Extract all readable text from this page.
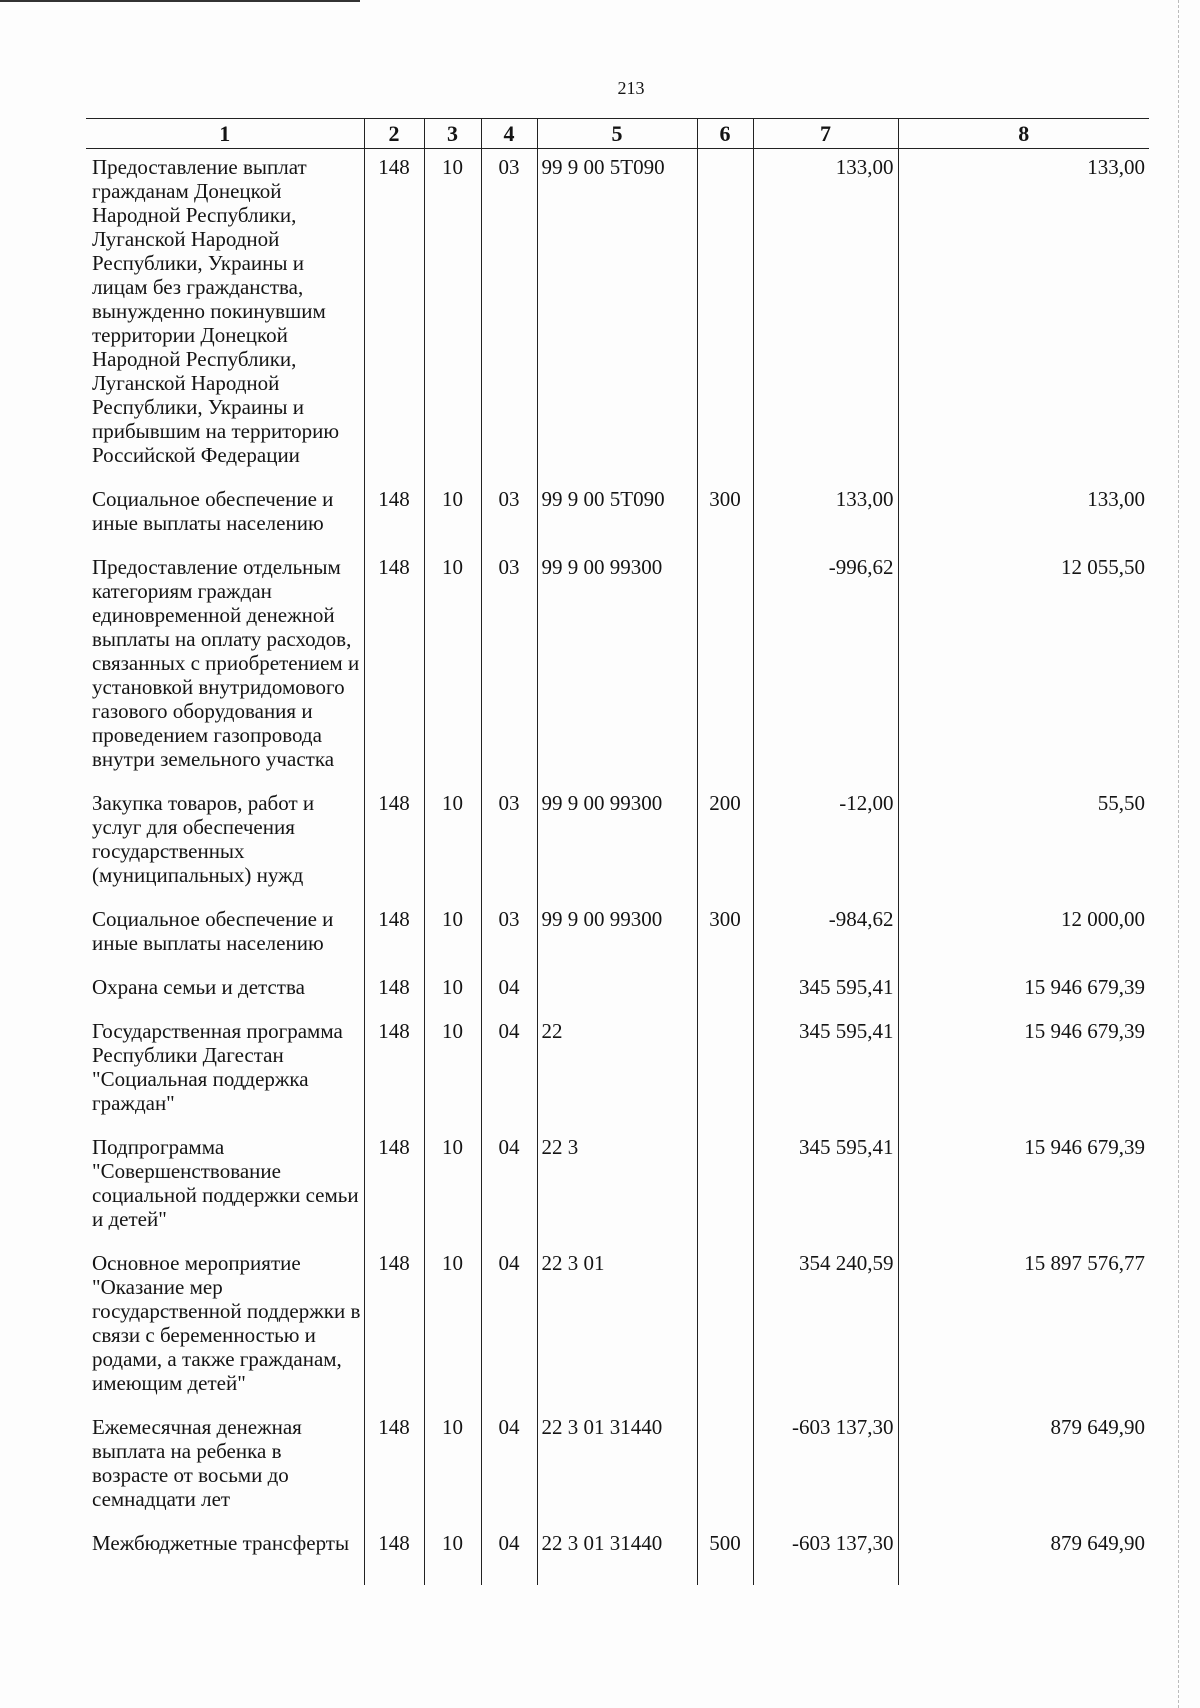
213
1	2	3	4	5	6	7	8
Предоставление выплат гражданам Донецкой Народной Республики, Луганской Народной Республики, Украины и лицам без гражданства, вынужденно покинувшим территории Донецкой Народной Республики, Луганской Народной Республики, Украины и прибывшим на территорию Российской Федерации	148	10	03	99 9 00 5Т090		133,00	133,00
Социальное обеспечение и иные выплаты населению	148	10	03	99 9 00 5Т090	300	133,00	133,00
Предоставление отдельным категориям граждан единовременной денежной выплаты на оплату расходов, связанных с приобретением и установкой внутридомового газового оборудования и проведением газопровода внутри земельного участка	148	10	03	99 9 00 99300		-996,62	12 055,50
Закупка товаров, работ и услуг для обеспечения государственных (муниципальных) нужд	148	10	03	99 9 00 99300	200	-12,00	55,50
Социальное обеспечение и иные выплаты населению	148	10	03	99 9 00 99300	300	-984,62	12 000,00
Охрана семьи и детства	148	10	04			345 595,41	15 946 679,39
Государственная программа Республики Дагестан "Социальная поддержка граждан"	148	10	04	22		345 595,41	15 946 679,39
Подпрограмма "Совершенствование социальной поддержки семьи и детей"	148	10	04	22 3		345 595,41	15 946 679,39
Основное мероприятие "Оказание мер государственной поддержки в связи с беременностью и родами, а также гражданам, имеющим детей"	148	10	04	22 3 01		354 240,59	15 897 576,77
Ежемесячная денежная выплата на ребенка в возрасте от восьми до семнадцати лет	148	10	04	22 3 01 31440		-603 137,30	879 649,90
Межбюджетные трансферты	148	10	04	22 3 01 31440	500	-603 137,30	879 649,90
